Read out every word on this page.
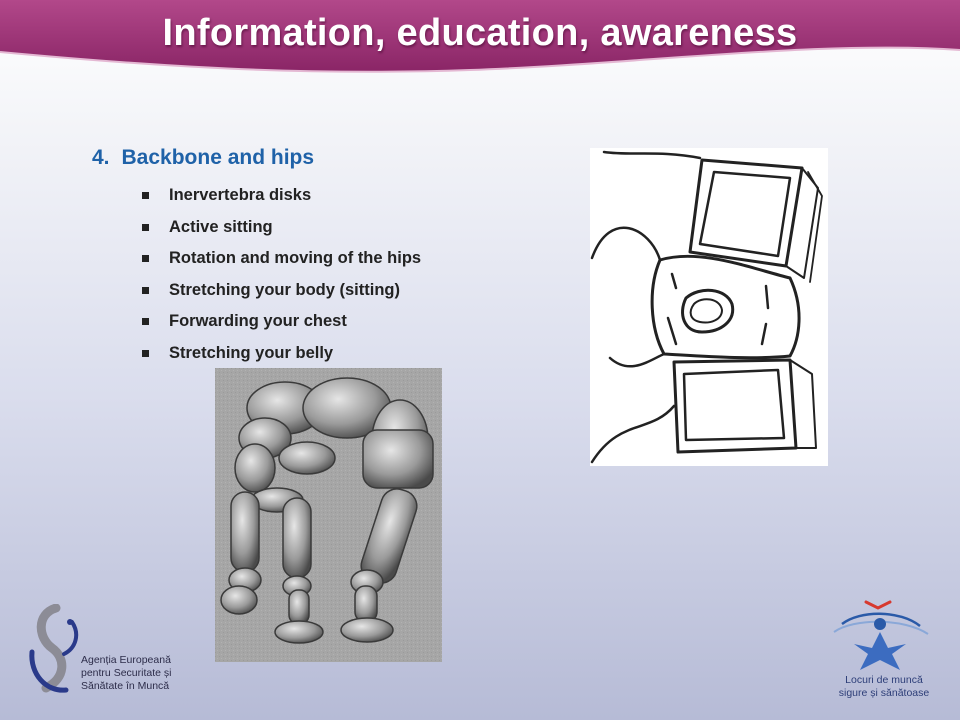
Information, education, awareness
4. Backbone and hips
Inervertebra disks
Active sitting
Rotation and moving of the hips
Stretching your body (sitting)
Forwarding your chest
Stretching your belly
Agenția Europeană
pentru Securitate și
Sănătate în Muncă	Locuri de muncă
sigure și sănătoase
